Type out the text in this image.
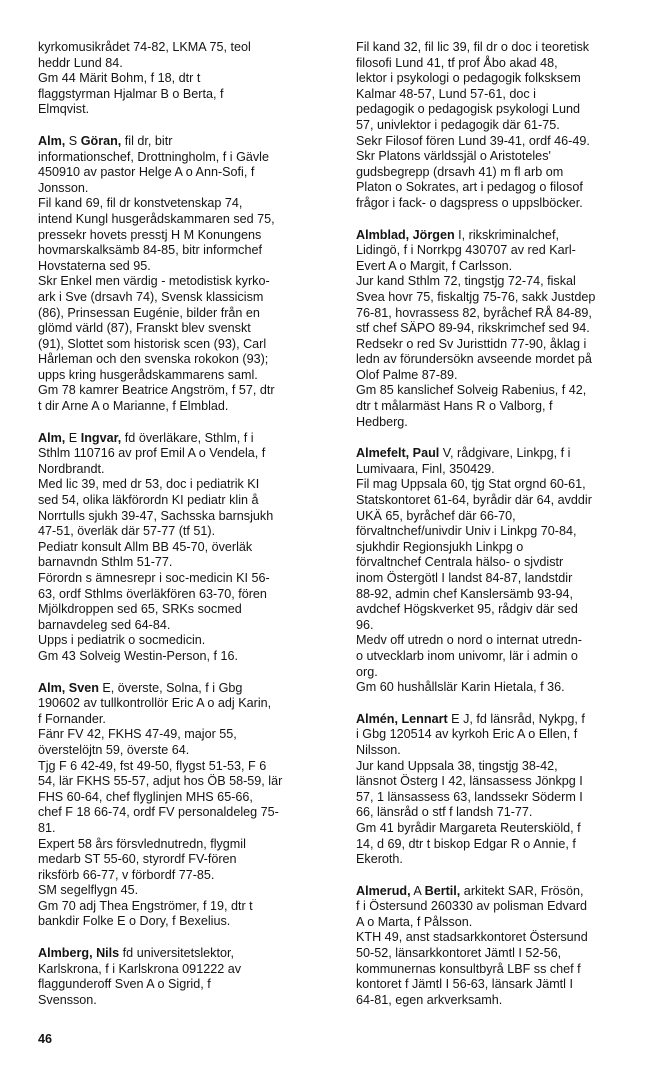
kyrkomusikrådet 74-82, LKMA 75, teol
heddr Lund 84.
Gm 44 Märit Bohm, f 18, dtr t
flaggstyrman Hjalmar B o Berta, f
Elmqvist.
Alm, S Göran, fil dr, bitr
informationschef, Drottningholm, f i Gävle
450910 av pastor Helge A o Ann-Sofi, f
Jonsson.
Fil kand 69, fil dr konstvetenskap 74,
intend Kungl husgerådskammaren sed 75,
pressekr hovets presstj H M Konungens
hovmarskalksämb 84-85, bitr informchef
Hovstaterna sed 95.
Skr Enkel men värdig - metodistisk kyrko-
ark i Sve (drsavh 74), Svensk klassicism
(86), Prinsessan Eugénie, bilder från en
glömd värld (87), Franskt blev svenskt
(91), Slottet som historisk scen (93), Carl
Hårleman och den svenska rokokon (93);
upps kring husgerådskammarens saml.
Gm 78 kamrer Beatrice Angström, f 57, dtr
t dir Arne A o Marianne, f Elmblad.
Alm, E Ingvar, fd överläkare, Sthlm, f i
Sthlm 110716 av prof Emil A o Vendela, f
Nordbrandt.
Med lic 39, med dr 53, doc i pediatrik KI
sed 54, olika läkförordn KI pediatr klin å
Norrtulls sjukh 39-47, Sachsska barnsjukh
47-51, överläk där 57-77 (tf 51).
Pediatr konsult Allm BB 45-70, överläk
barnavndn Sthlm 51-77.
Förordn s ämnesrepr i soc-medicin KI 56-
63, ordf Sthlms överläkfören 63-70, fören
Mjölkdroppen sed 65, SRKs socmed
barnavdeleg sed 64-84.
Upps i pediatrik o socmedicin.
Gm 43 Solveig Westin-Person, f 16.
Alm, Sven E, överste, Solna, f i Gbg
190602 av tullkontrollör Eric A o adj Karin,
f Fornander.
Fänr FV 42, FKHS 47-49, major 55,
överstelöjtn 59, överste 64.
Tjg F 6 42-49, fst 49-50, flygst 51-53, F 6
54, lär FKHS 55-57, adjut hos ÖB 58-59, lär
FHS 60-64, chef flyglinjen MHS 65-66,
chef F 18 66-74, ordf FV personaldeleg 75-
81.
Expert 58 års försvlednutredn, flygmil
medarb ST 55-60, styrordf FV-fören
riksförb 66-77, v förbordf 77-85.
SM segelflygn 45.
Gm 70 adj Thea Engströmer, f 19, dtr t
bankdir Folke E o Dory, f Bexelius.
Almberg, Nils fd universitetslektor,
Karlskrona, f i Karlskrona 091222 av
flaggunderoff Sven A o Sigrid, f
Svensson.
Fil kand 32, fil lic 39, fil dr o doc i teoretisk
filosofi Lund 41, tf prof Åbo akad 48,
lektor i psykologi o pedagogik folksksem
Kalmar 48-57, Lund 57-61, doc i
pedagogik o pedagogisk psykologi Lund
57, univlektor i pedagogik där 61-75.
Sekr Filosof fören Lund 39-41, ordf 46-49.
Skr Platons världssjäl o Aristoteles'
gudsbegrepp (drsavh 41) m fl arb om
Platon o Sokrates, art i pedagog o filosof
frågor i fack- o dagspress o uppslböcker.
Almblad, Jörgen I, rikskriminalchef,
Lidingö, f i Norrkpg 430707 av red Karl-
Evert A o Margit, f Carlsson.
Jur kand Sthlm 72, tingstjg 72-74, fiskal
Svea hovr 75, fiskaltjg 75-76, sakk Justdep
76-81, hovrassess 82, byråchef RÅ 84-89,
stf chef SÄPO 89-94, rikskrimchef sed 94.
Redsekr o red Sv Juristtidn 77-90, åklag i
ledn av förundersökn avseende mordet på
Olof Palme 87-89.
Gm 85 kanslichef Solveig Rabenius, f 42,
dtr t målarmäst Hans R o Valborg, f
Hedberg.
Almefelt, Paul V, rådgivare, Linkpg, f i
Lumivaara, Finl, 350429.
Fil mag Uppsala 60, tjg Stat orgnd 60-61,
Statskontoret 61-64, byrådir där 64, avddir
UKÄ 65, byråchef där 66-70,
förvaltnchef/univdir Univ i Linkpg 70-84,
sjukhdir Regionsjukh Linkpg o
förvaltnchef Centrala hälso- o sjvdistr
inom Östergötl I landst 84-87, landstdir
88-92, admin chef Kanslersämb 93-94,
avdchef Högskverket 95, rådgiv där sed
96.
Medv off utredn o nord o internat utredn-
o utvecklarb inom univomr, lär i admin o
org.
Gm 60 hushållslär Karin Hietala, f 36.
Almén, Lennart E J, fd länsråd, Nykpg, f
i Gbg 120514 av kyrkoh Eric A o Ellen, f
Nilsson.
Jur kand Uppsala 38, tingstjg 38-42,
länsnot Österg I 42, länsassess Jönkpg I
57, 1 länsassess 63, landssekr Söderm I
66, länsråd o stf f landsh 71-77.
Gm 41 byrådir Margareta Reuterskiöld, f
14, d 69, dtr t biskop Edgar R o Annie, f
Ekeroth.
Almerud, A Bertil, arkitekt SAR, Frösön,
f i Östersund 260330 av polisman Edvard
A o Marta, f Pålsson.
KTH 49, anst stadsarkkontoret Östersund
50-52, länsarkkontoret Jämtl I 52-56,
kommunernas konsultbyrå LBF ss chef f
kontoret f Jämtl I 56-63, länsark Jämtl I
64-81, egen arkverksamh.
46
